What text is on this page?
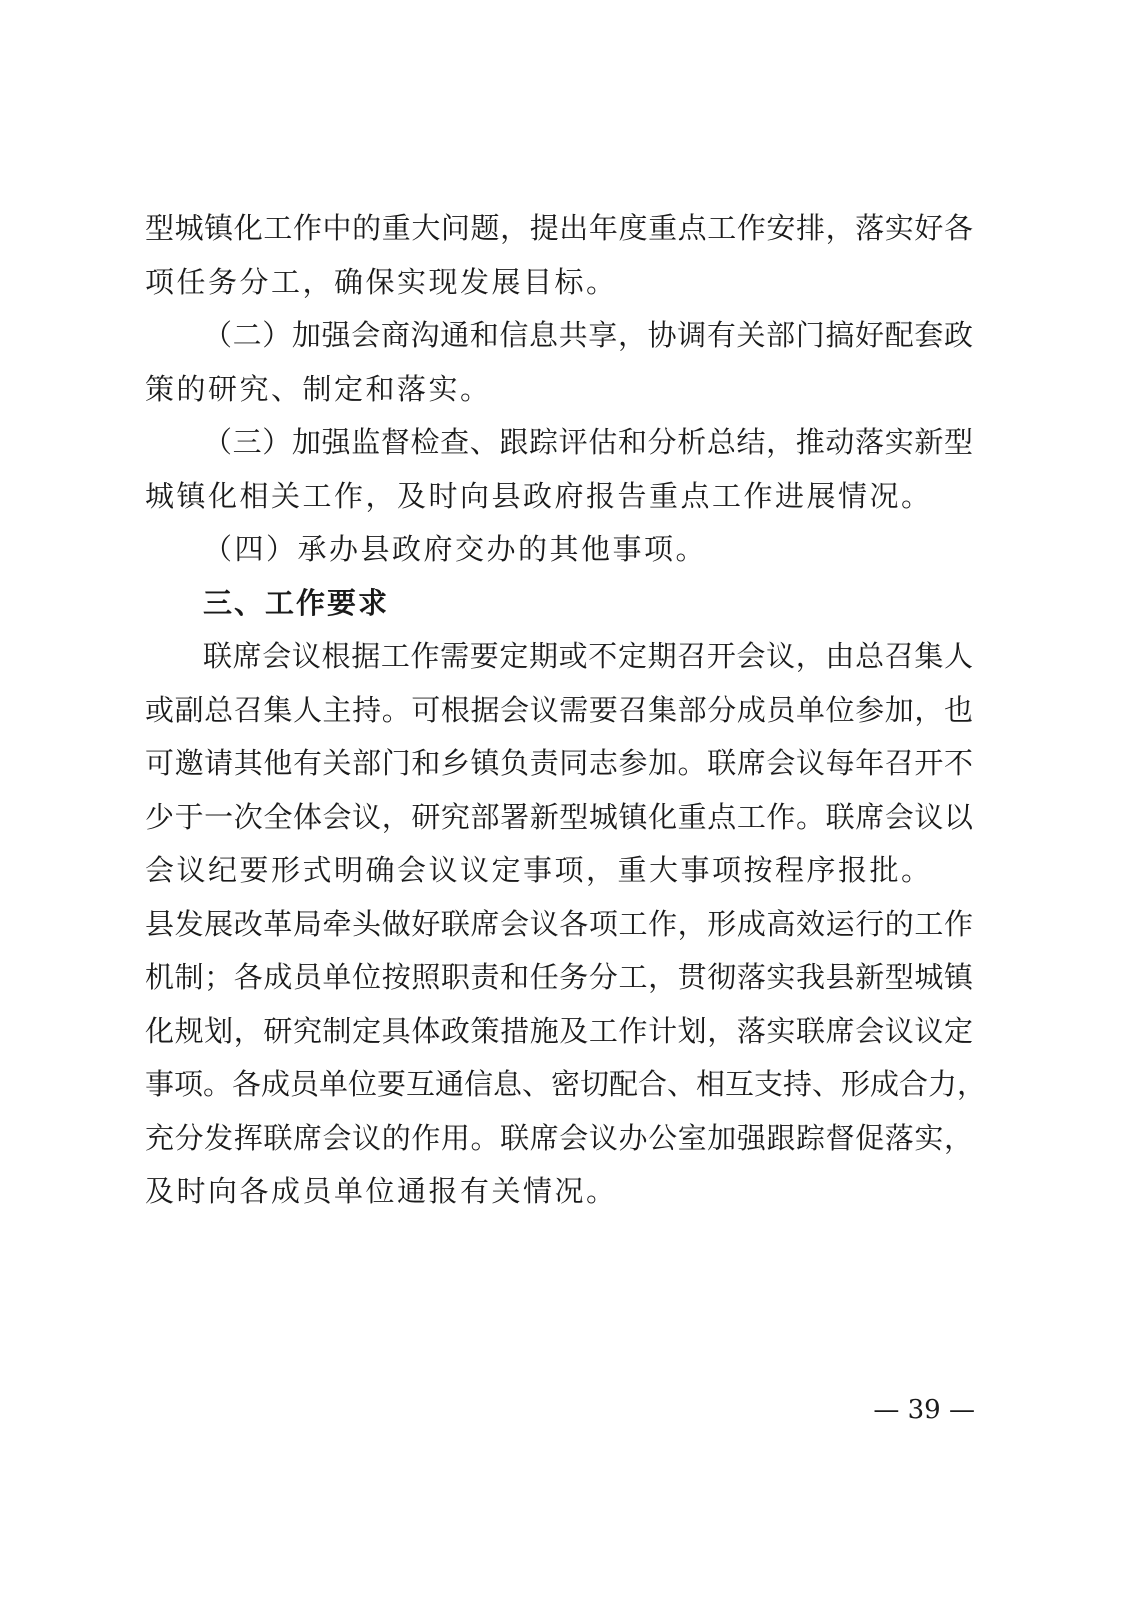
型城镇化工作中的重大问题，提出年度重点工作安排，落实好各
项任务分工，确保实现发展目标。
（二）加强会商沟通和信息共享，协调有关部门搞好配套政
策的研究、制定和落实。
（三）加强监督检查、跟踪评估和分析总结，推动落实新型
城镇化相关工作，及时向县政府报告重点工作进展情况。
（四）承办县政府交办的其他事项。
三、工作要求
联席会议根据工作需要定期或不定期召开会议，由总召集人
或副总召集人主持。可根据会议需要召集部分成员单位参加，也
可邀请其他有关部门和乡镇负责同志参加。联席会议每年召开不
少于一次全体会议，研究部署新型城镇化重点工作。联席会议以
会议纪要形式明确会议议定事项，重大事项按程序报批。
县发展改革局牵头做好联席会议各项工作，形成高效运行的工作
机制；各成员单位按照职责和任务分工，贯彻落实我县新型城镇
化规划，研究制定具体政策措施及工作计划，落实联席会议议定
事项。各成员单位要互通信息、密切配合、相互支持、形成合力，
充分发挥联席会议的作用。联席会议办公室加强跟踪督促落实，
及时向各成员单位通报有关情况。
— 39 —
